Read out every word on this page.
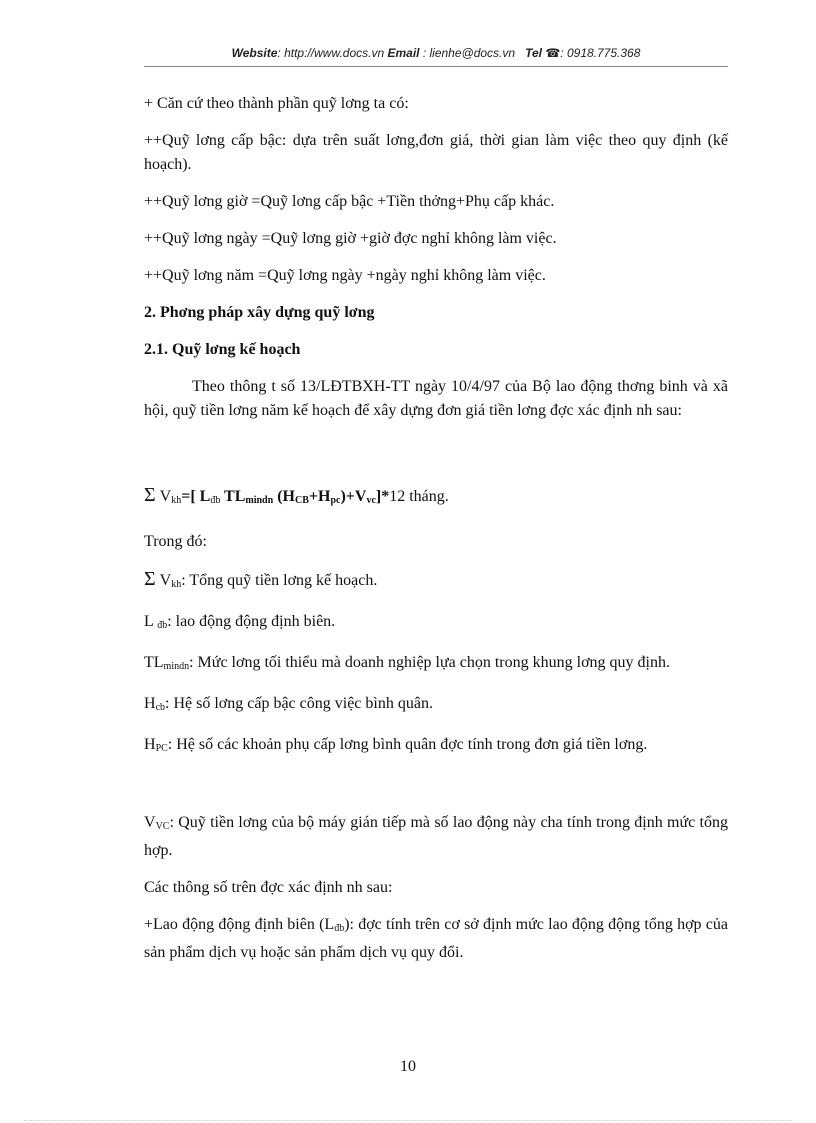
Website: http://www.docs.vn Email : lienhe@docs.vn Tel ☎: 0918.775.368

+ Căn cứ theo thành phần quỹ lơng ta có:

++Quỹ lơng cấp bậc: dựa trên suất lơng,đơn giá, thời gian làm việc theo quy định (kế hoạch).

++Quỹ lơng giờ =Quỹ lơng cấp bậc +Tiền thởng+Phụ cấp khác.

++Quỹ lơng ngày =Quỹ lơng giờ +giờ đợc nghỉ không làm việc.

++Quỹ lơng năm =Quỹ lơng ngày +ngày nghỉ không làm việc.

2. Phơng pháp xây dựng quỹ lơng

2.1. Quỹ lơng kế hoạch

Theo thông t số 13/LĐTBXH-TT ngày 10/4/97 của Bộ lao động thơng binh và xã hội, quỹ tiền lơng năm kế hoạch để xây dựng đơn giá tiền lơng đợc xác định nh sau:

Σ $V_{kh}=$[ $L_{đb}$ $TL_{mindn}$ $(H_{CB}+H_{pc})+V_{vc}]*12$ tháng.

Trong đó:

Σ $V_{kh}$: Tổng quỹ tiền lơng kế hoạch.

L $_{đb}$: lao động động định biên.

$TL_{mindn}$: Mức lơng tối thiểu mà doanh nghiệp lựa chọn trong khung lơng quy định.

$H_{cb}$: Hệ số lơng cấp bậc công việc bình quân.

$H_{PC}$: Hệ số các khoản phụ cấp lơng bình quân đợc tính trong đơn giá tiền lơng.

$V_{VC}$: Quỹ tiền lơng của bộ máy gián tiếp mà số lao động này cha tính trong định mức tổng hợp.

Các thông số trên đợc xác định nh sau:

+Lao động động định biên $(L_{đb})$: đợc tính trên cơ sở định mức lao động động tổng hợp của sản phẩm dịch vụ hoặc sản phẩm dịch vụ quy đổi.

10
